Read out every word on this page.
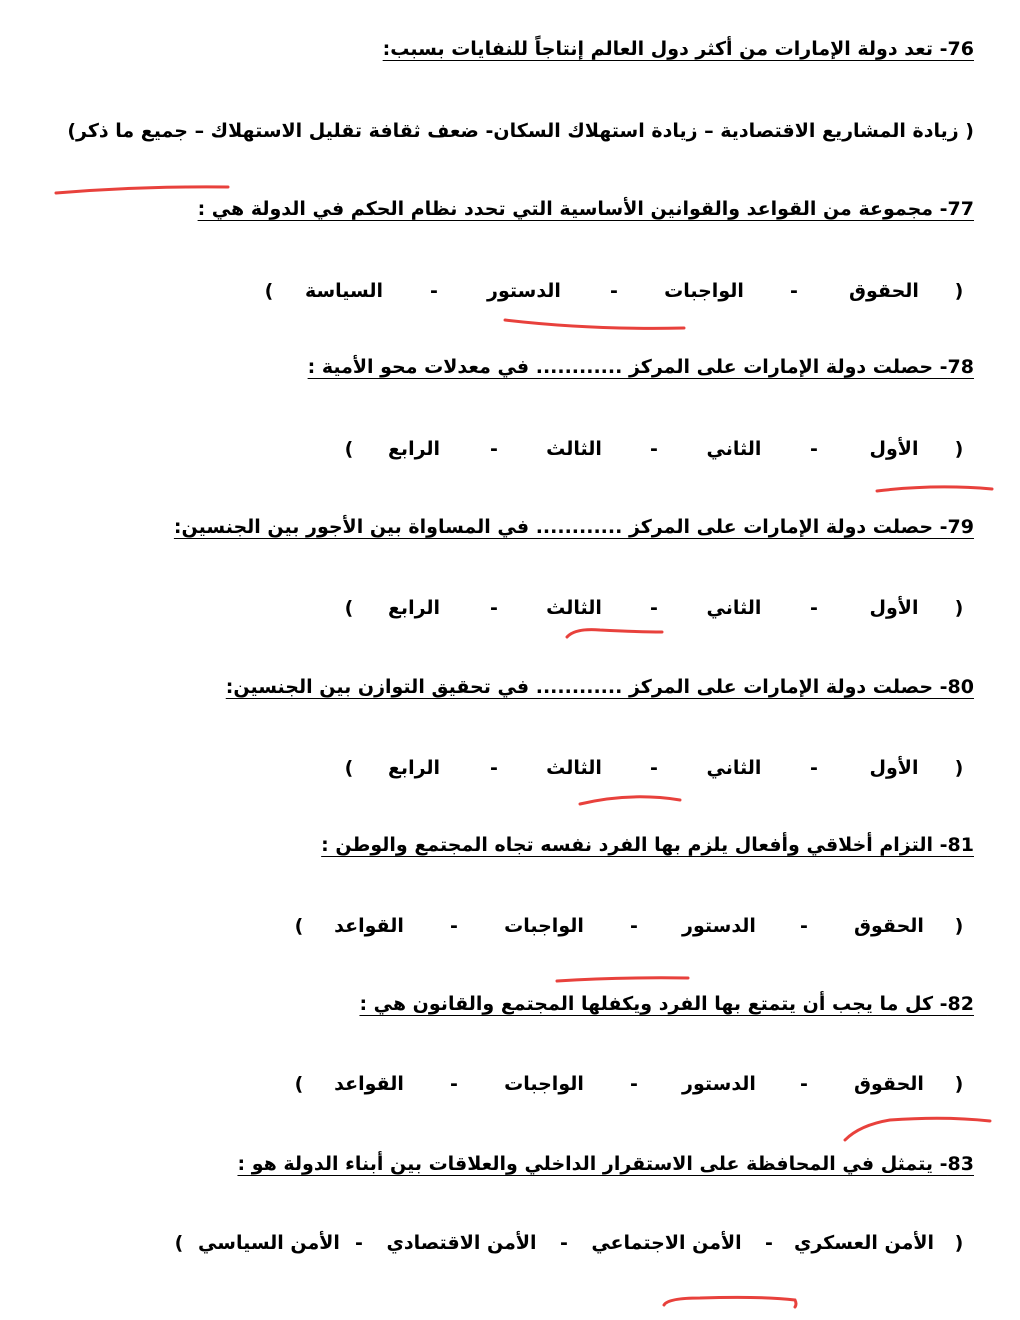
76- تعد دولة الإمارات من أكثر دول العالم إنتاجاً للنفايات بسبب:
( زيادة المشاريع الاقتصادية – زيادة استهلاك السكان- ضعف ثقافة تقليل الاستهلاك – جميع ما ذكر)
77- مجموعة من القواعد والقوانين الأساسية التي تحدد نظام الحكم في الدولة هي :
(
الحقوق
-
الواجبات
-
الدستور
-
السياسة
)
78- حصلت دولة الإمارات على المركز ............ في معدلات محو الأمية :
(
الأول
-
الثاني
-
الثالث
-
الرابع
)
79- حصلت دولة الإمارات على المركز ............ في المساواة بين الأجور بين الجنسين:
(
الأول
-
الثاني
-
الثالث
-
الرابع
)
80- حصلت دولة الإمارات على المركز ............ في تحقيق التوازن بين الجنسين:
(
الأول
-
الثاني
-
الثالث
-
الرابع
)
81- التزام أخلاقي وأفعال يلزم بها الفرد نفسه تجاه المجتمع والوطن :
(
الحقوق
-
الدستور
-
الواجبات
-
القواعد
)
82- كل ما يجب أن يتمتع بها الفرد ويكفلها المجتمع والقانون هي :
(
الحقوق
-
الدستور
-
الواجبات
-
القواعد
)
83- يتمثل في المحافظة على الاستقرار الداخلي والعلاقات بين أبناء الدولة هو :
(
الأمن العسكري
-
الأمن الاجتماعي
-
الأمن الاقتصادي
-
الأمن السياسي
)
